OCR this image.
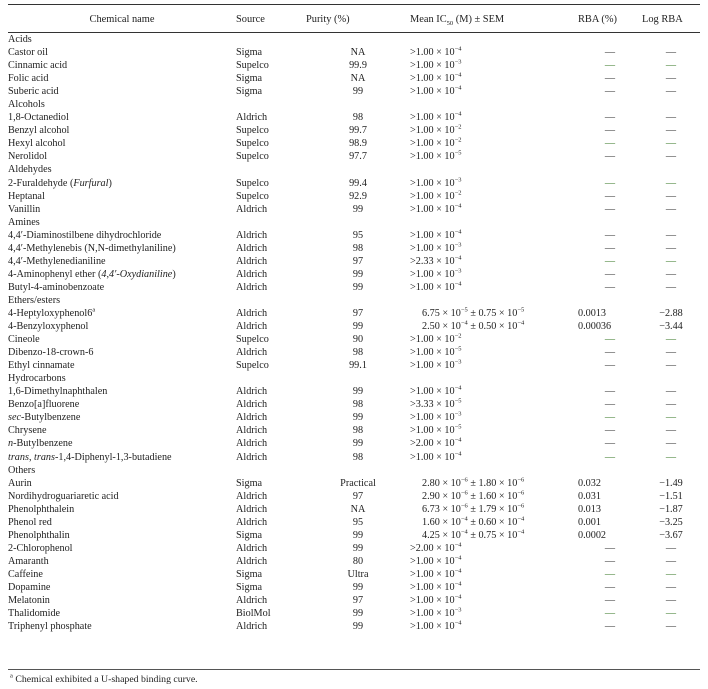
Chemical name	Source	Purity (%)	Mean $IC_{50}$ (M) ± SEM	RBA (%)	Log RBA

Acids					
Castor oil	Sigma	NA	$>1.00 \times 10^{-4}$	—	—
Cinnamic acid	Supelco	99.9	$>1.00 \times 10^{-3}$	—	—
Folic acid	Sigma	NA	$>1.00 \times 10^{-4}$	—	—
Suberic acid	Sigma	99	$>1.00 \times 10^{-4}$	—	—
Alcohols					
1,8-Octanediol	Aldrich	98	$>1.00 \times 10^{-4}$	—	—
Benzyl alcohol	Supelco	99.7	$>1.00 \times 10^{-2}$	—	—
Hexyl alcohol	Supelco	98.9	$>1.00 \times 10^{-2}$	—	—
Nerolidol	Supelco	97.7	$>1.00 \times 10^{-5}$	—	—
Aldehydes					
2-Furaldehyde (Furfural)	Supelco	99.4	$>1.00 \times 10^{-3}$	—	—
Heptanal	Supelco	92.9	$>1.00 \times 10^{-2}$	—	—
Vanillin	Aldrich	99	$>1.00 \times 10^{-4}$	—	—
Amines					
4,4′-Diaminostilbene dihydrochloride	Aldrich	95	$>1.00 \times 10^{-4}$	—	—
4,4′-Methylenebis (N,N-dimethylaniline)	Aldrich	98	$>1.00 \times 10^{-3}$	—	—
4,4′-Methylenedianiline	Aldrich	97	$>2.33 \times 10^{-4}$	—	—
4-Aminophenyl ether (4,4′-Oxydianiline)	Aldrich	99	$>1.00 \times 10^{-3}$	—	—
Butyl-4-aminobenzoate	Aldrich	99	$>1.00 \times 10^{-4}$	—	—
Ethers/esters					
4-Heptyloxyphenol6$^a$	Aldrich	97	$6.75 \times 10^{-5} \pm 0.75 \times 10^{-5}$	0.0013	−2.88
4-Benzyloxyphenol	Aldrich	99	$2.50 \times 10^{-4} \pm 0.50 \times 10^{-4}$	0.00036	−3.44
Cineole	Supelco	90	$>1.00 \times 10^{-2}$	—	—
Dibenzo-18-crown-6	Aldrich	98	$>1.00 \times 10^{-5}$	—	—
Ethyl cinnamate	Supelco	99.1	$>1.00 \times 10^{-3}$	—	—
Hydrocarbons					
1,6-Dimethylnaphthalen	Aldrich	99	$>1.00 \times 10^{-4}$	—	—
Benzo[a]fluorene	Aldrich	98	$>3.33 \times 10^{-5}$	—	—
sec-Butylbenzene	Aldrich	99	$>1.00 \times 10^{-3}$	—	—
Chrysene	Aldrich	98	$>1.00 \times 10^{-5}$	—	—
n-Butylbenzene	Aldrich	99	$>2.00 \times 10^{-4}$	—	—
trans, trans-1,4-Diphenyl-1,3-butadiene	Aldrich	98	$>1.00 \times 10^{-4}$	—	—
Others					
Aurin	Sigma	Practical	$2.80 \times 10^{-6} \pm 1.80 \times 10^{-6}$	0.032	−1.49
Nordihydroguariaretic acid	Aldrich	97	$2.90 \times 10^{-6} \pm 1.60 \times 10^{-6}$	0.031	−1.51
Phenolphthalein	Aldrich	NA	$6.73 \times 10^{-6} \pm 1.79 \times 10^{-6}$	0.013	−1.87
Phenol red	Aldrich	95	$1.60 \times 10^{-4} \pm 0.60 \times 10^{-4}$	0.001	−3.25
Phenolphthalin	Sigma	99	$4.25 \times 10^{-4} \pm 0.75 \times 10^{-4}$	0.0002	−3.67
2-Chlorophenol	Aldrich	99	$>2.00 \times 10^{-4}$	—	—
Amaranth	Aldrich	80	$>1.00 \times 10^{-4}$	—	—
Caffeine	Sigma	Ultra	$>1.00 \times 10^{-4}$	—	—
Dopamine	Sigma	99	$>1.00 \times 10^{-4}$	—	—
Melatonin	Aldrich	97	$>1.00 \times 10^{-4}$	—	—
Thalidomide	BiolMol	99	$>1.00 \times 10^{-3}$	—	—
Triphenyl phosphate	Aldrich	99	$>1.00 \times 10^{-4}$	—	—
$^a$ Chemical exhibited a U-shaped binding curve.
